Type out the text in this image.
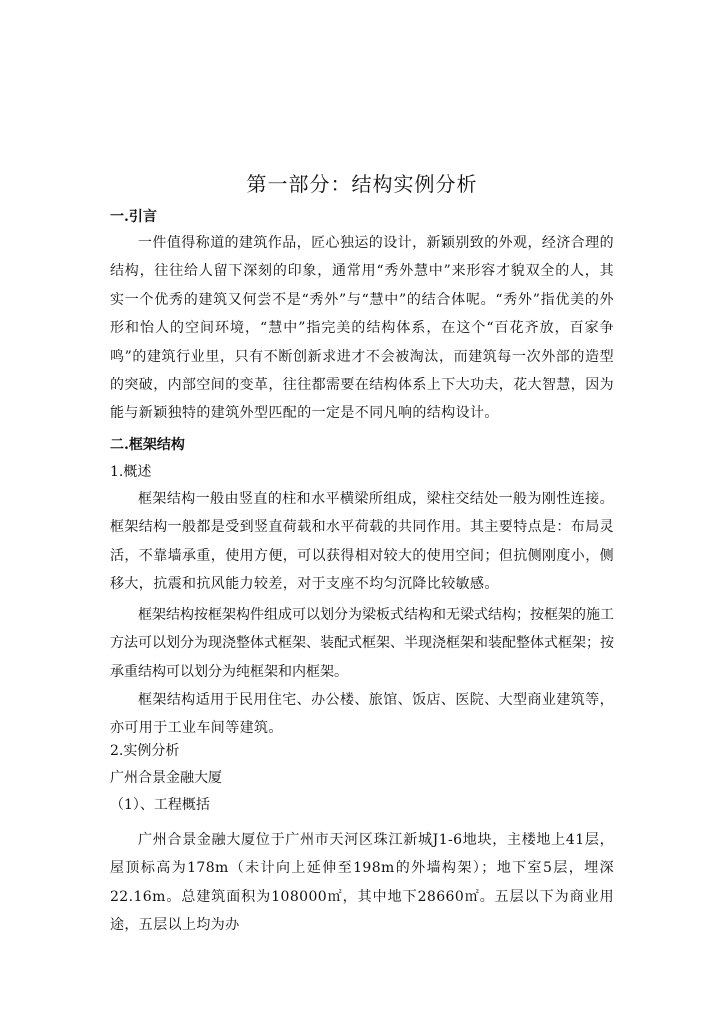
第一部分：结构实例分析
一.引言
一件值得称道的建筑作品，匠心独运的设计，新颖别致的外观，经济合理的结构，往往给人留下深刻的印象，通常用“秀外慧中”来形容才貌双全的人，其实一个优秀的建筑又何尝不是“秀外”与“慧中”的结合体呢。“秀外”指优美的外形和怡人的空间环境，“慧中”指完美的结构体系，在这个“百花齐放，百家争鸣”的建筑行业里，只有不断创新求进才不会被淘汰，而建筑每一次外部的造型的突破，内部空间的变革，往往都需要在结构体系上下大功夫，花大智慧，因为能与新颖独特的建筑外型匹配的一定是不同凡响的结构设计。
二.框架结构
1.概述
框架结构一般由竖直的柱和水平横梁所组成，梁柱交结处一般为刚性连接。框架结构一般都是受到竖直荷载和水平荷载的共同作用。其主要特点是：布局灵活，不靠墙承重，使用方便，可以获得相对较大的使用空间；但抗侧刚度小，侧移大，抗震和抗风能力较差，对于支座不均匀沉降比较敏感。
框架结构按框架构件组成可以划分为梁板式结构和无梁式结构；按框架的施工方法可以划分为现浇整体式框架、装配式框架、半现浇框架和装配整体式框架；按承重结构可以划分为纯框架和内框架。
框架结构适用于民用住宅、办公楼、旅馆、饭店、医院、大型商业建筑等，亦可用于工业车间等建筑。
2.实例分析
广州合景金融大厦
（1）、工程概括
广州合景金融大厦位于广州市天河区珠江新城J1-6地块，主楼地上41层，屋顶标高为178m（未计向上延伸至198m的外墙构架）；地下室5层，埋深22.16m。总建筑面积为108000㎡，其中地下28660㎡。五层以下为商业用途，五层以上均为办
